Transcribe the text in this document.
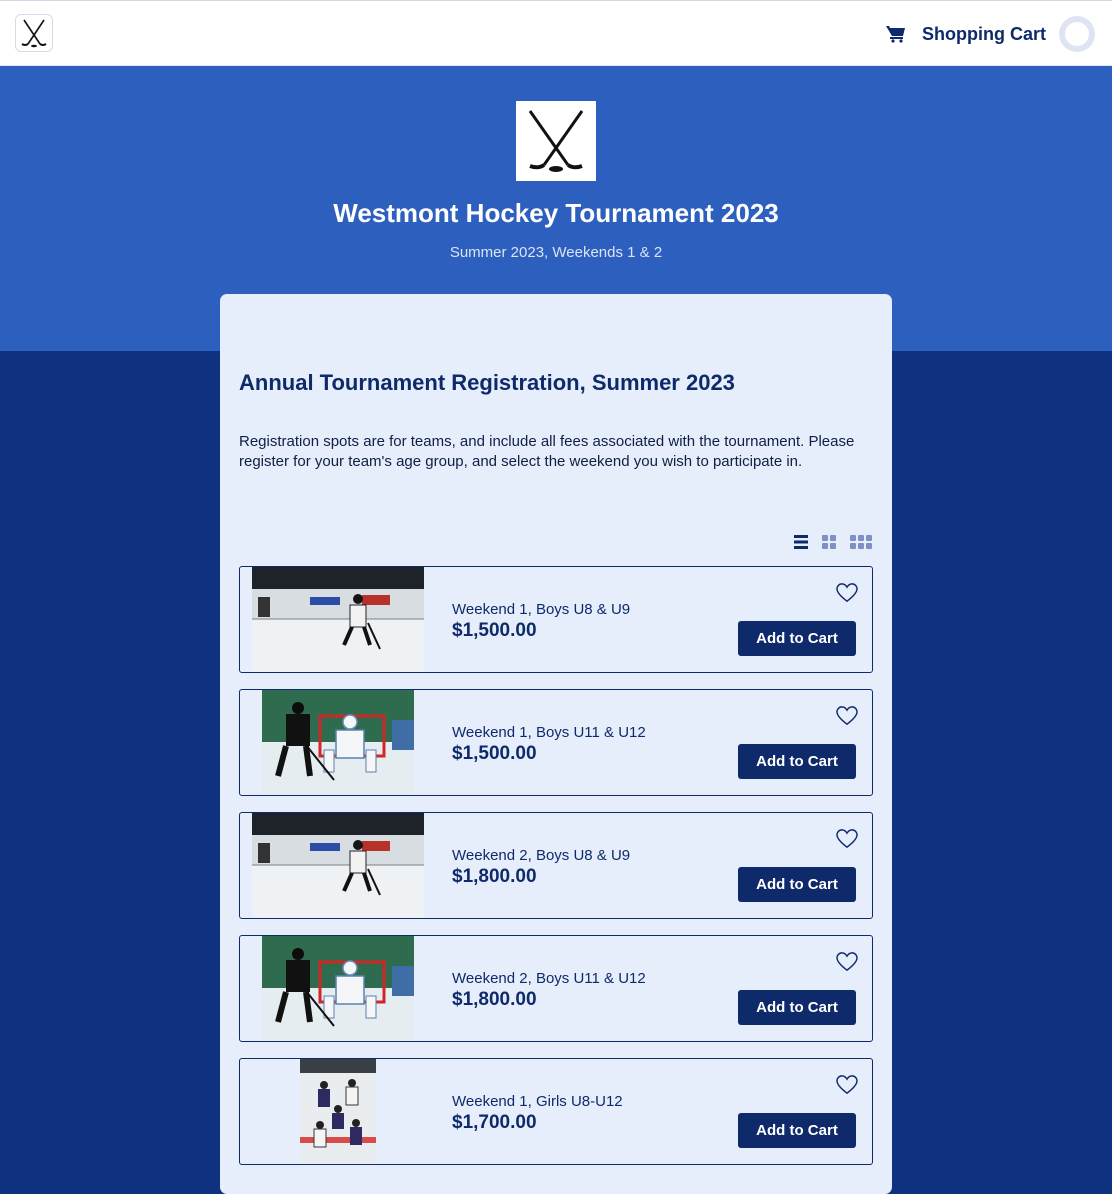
Shopping Cart
Westmont Hockey Tournament 2023
Summer 2023, Weekends 1 & 2
Annual Tournament Registration, Summer 2023
Registration spots are for teams, and include all fees associated with the tournament. Please register for your team's age group, and select the weekend you wish to participate in.
Weekend 1, Boys U8 & U9
$1,500.00	Add to Cart
Weekend 1, Boys U11 & U12
$1,500.00	Add to Cart
Weekend 2, Boys U8 & U9
$1,800.00	Add to Cart
Weekend 2, Boys U11 & U12
$1,800.00	Add to Cart
Weekend 1, Girls U8-U12
$1,700.00	Add to Cart
